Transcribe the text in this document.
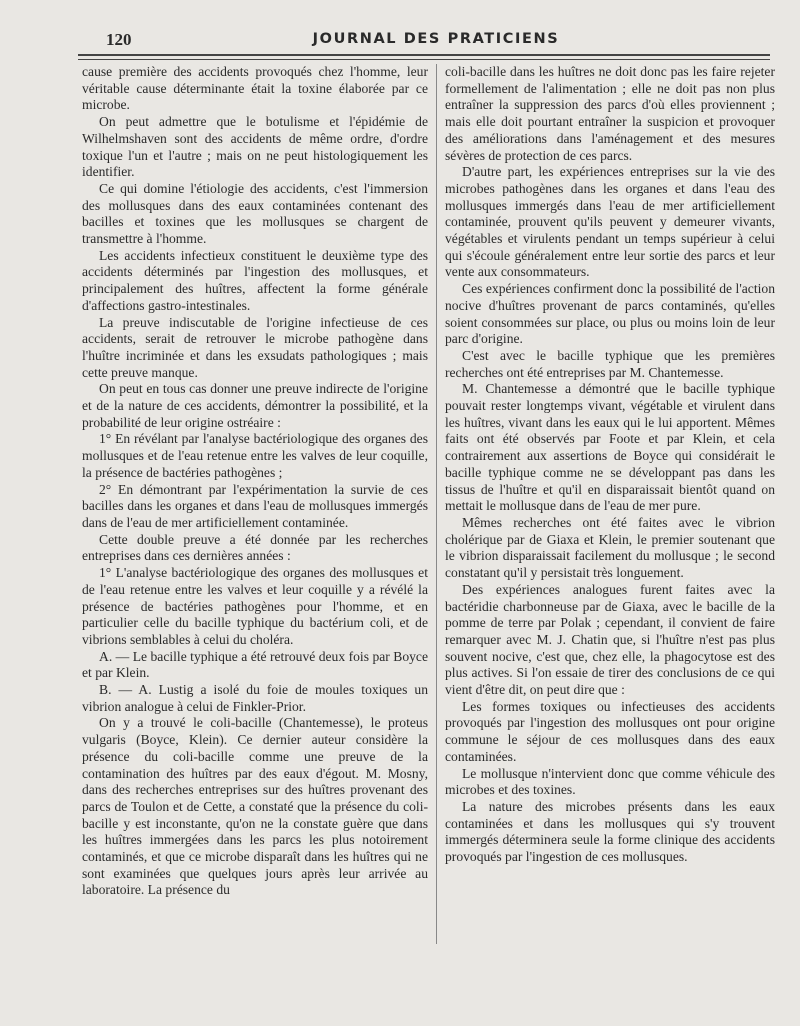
120	JOURNAL DES PRATICIENS

cause première des accidents provoqués chez l'homme, leur véritable cause déterminante était la toxine élaborée par ce microbe.

On peut admettre que le botulisme et l'épidémie de Wilhelmshaven sont des accidents de même ordre, d'ordre toxique l'un et l'autre ; mais on ne peut histologiquement les identifier.

Ce qui domine l'étiologie des accidents, c'est l'immersion des mollusques dans des eaux contaminées contenant des bacilles et toxines que les mollusques se chargent de transmettre à l'homme.

Les accidents infectieux constituent le deuxième type des accidents déterminés par l'ingestion des mollusques, et principalement des huîtres, affectent la forme générale d'affections gastro-intestinales.

La preuve indiscutable de l'origine infectieuse de ces accidents, serait de retrouver le microbe pathogène dans l'huître incriminée et dans les exsudats pathologiques ; mais cette preuve manque.

On peut en tous cas donner une preuve indirecte de l'origine et de la nature de ces accidents, démontrer la possibilité, et la probabilité de leur origine ostréaire :

1° En révélant par l'analyse bactériologique des organes des mollusques et de l'eau retenue entre les valves de leur coquille, la présence de bactéries pathogènes ;

2° En démontrant par l'expérimentation la survie de ces bacilles dans les organes et dans l'eau de mollusques immergés dans de l'eau de mer artificiellement contaminée.

Cette double preuve a été donnée par les recherches entreprises dans ces dernières années :

1° L'analyse bactériologique des organes des mollusques et de l'eau retenue entre les valves et leur coquille y a révélé la présence de bactéries pathogènes pour l'homme, et en particulier celle du bacille typhique du bactérium coli, et de vibrions semblables à celui du choléra.

A. — Le bacille typhique a été retrouvé deux fois par Boyce et par Klein.

B. — A. Lustig a isolé du foie de moules toxiques un vibrion analogue à celui de Finkler-Prior.

On y a trouvé le coli-bacille (Chantemesse), le proteus vulgaris (Boyce, Klein). Ce dernier auteur considère la présence du coli-bacille comme une preuve de la contamination des huîtres par des eaux d'égout. M. Mosny, dans des recherches entreprises sur des huîtres provenant des parcs de Toulon et de Cette, a constaté que la présence du coli-bacille y est inconstante, qu'on ne la constate guère que dans les huîtres immergées dans les parcs les plus notoirement contaminés, et que ce microbe disparaît dans les huîtres qui ne sont examinées que quelques jours après leur arrivée au laboratoire. La présence du

coli-bacille dans les huîtres ne doit donc pas les faire rejeter formellement de l'alimentation ; elle ne doit pas non plus entraîner la suppression des parcs d'où elles proviennent ; mais elle doit pourtant entraîner la suspicion et provoquer des améliorations dans l'aménagement et des mesures sévères de protection de ces parcs.

D'autre part, les expériences entreprises sur la vie des microbes pathogènes dans les organes et dans l'eau des mollusques immergés dans l'eau de mer artificiellement contaminée, prouvent qu'ils peuvent y demeurer vivants, végétables et virulents pendant un temps supérieur à celui qui s'écoule généralement entre leur sortie des parcs et leur vente aux consommateurs.

Ces expériences confirment donc la possibilité de l'action nocive d'huîtres provenant de parcs contaminés, qu'elles soient consommées sur place, ou plus ou moins loin de leur parc d'origine.

C'est avec le bacille typhique que les premières recherches ont été entreprises par M. Chantemesse.

M. Chantemesse a démontré que le bacille typhique pouvait rester longtemps vivant, végétable et virulent dans les huîtres, vivant dans les eaux qui le lui apportent. Mêmes faits ont été observés par Foote et par Klein, et cela contrairement aux assertions de Boyce qui considérait le bacille typhique comme ne se développant pas dans les tissus de l'huître et qu'il en disparaissait bientôt quand on mettait le mollusque dans de l'eau de mer pure.

Mêmes recherches ont été faites avec le vibrion cholérique par de Giaxa et Klein, le premier soutenant que le vibrion disparaissait facilement du mollusque ; le second constatant qu'il y persistait très longuement.

Des expériences analogues furent faites avec la bactéridie charbonneuse par de Giaxa, avec le bacille de la pomme de terre par Polak ; cependant, il convient de faire remarquer avec M. J. Chatin que, si l'huître n'est pas plus souvent nocive, c'est que, chez elle, la phagocytose est des plus actives. Si l'on essaie de tirer des conclusions de ce qui vient d'être dit, on peut dire que :

Les formes toxiques ou infectieuses des accidents provoqués par l'ingestion des mollusques ont pour origine commune le séjour de ces mollusques dans des eaux contaminées.

Le mollusque n'intervient donc que comme véhicule des microbes et des toxines.

La nature des microbes présents dans les eaux contaminées et dans les mollusques qui s'y trouvent immergés déterminera seule la forme clinique des accidents provoqués par l'ingestion de ces mollusques.
